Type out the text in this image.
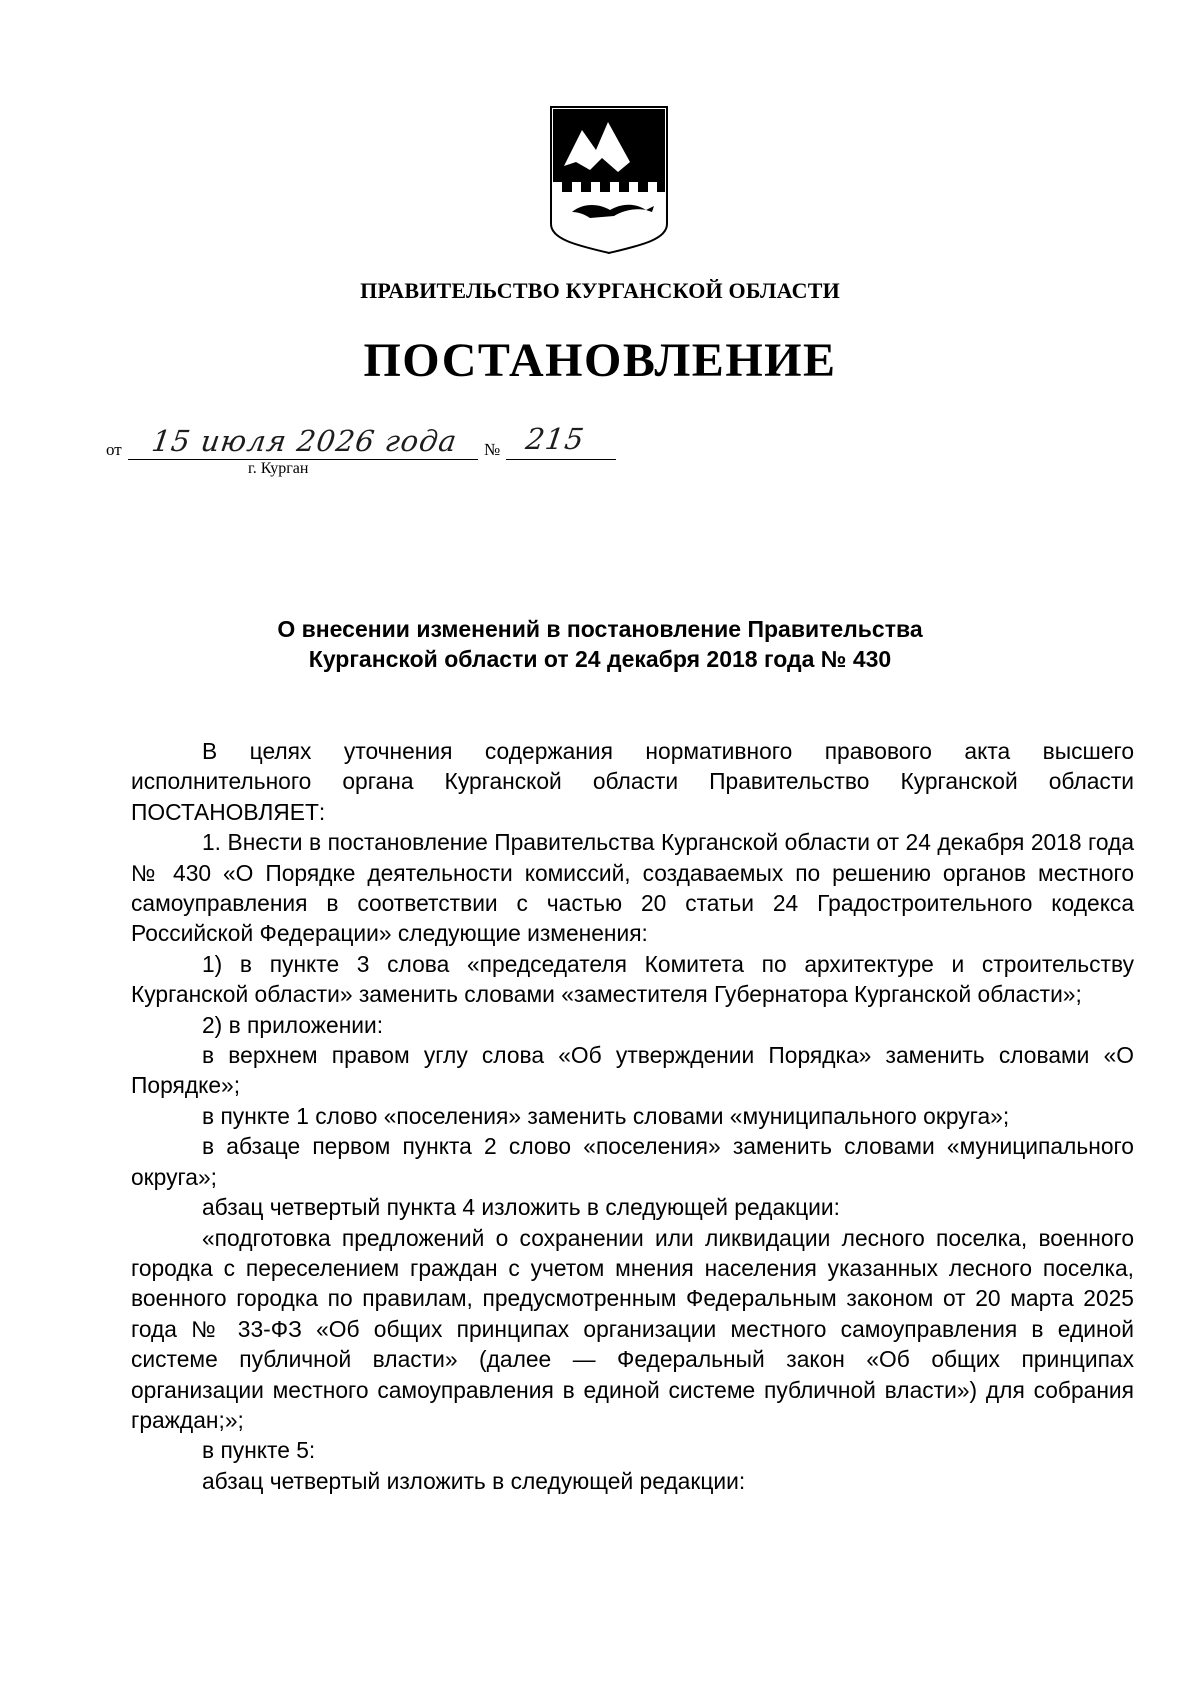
ПРАВИТЕЛЬСТВО КУРГАНСКОЙ ОБЛАСТИ
ПОСТАНОВЛЕНИЕ
от 15 июля 2026 года № 215
г. Курган
О внесении изменений в постановление Правительства
Курганской области от 24 декабря 2018 года № 430

В целях уточнения содержания нормативного правового акта высшего исполнительного органа Курганской области Правительство Курганской области ПОСТАНОВЛЯЕТ:

1. Внести в постановление Правительства Курганской области от 24 декабря 2018 года № 430 «О Порядке деятельности комиссий, создаваемых по решению органов местного самоуправления в соответствии с частью 20 статьи 24 Градостроительного кодекса Российской Федерации» следующие изменения:

1) в пункте 3 слова «председателя Комитета по архитектуре и строительству Курганской области» заменить словами «заместителя Губернатора Курганской области»;

2) в приложении:

в верхнем правом углу слова «Об утверждении Порядка» заменить словами «О Порядке»;

в пункте 1 слово «поселения» заменить словами «муниципального округа»;

в абзаце первом пункта 2 слово «поселения» заменить словами «муниципального округа»;

абзац четвертый пункта 4 изложить в следующей редакции:

«подготовка предложений о сохранении или ликвидации лесного поселка, военного городка с переселением граждан с учетом мнения населения указанных лесного поселка, военного городка по правилам, предусмотренным Федеральным законом от 20 марта 2025 года № 33-ФЗ «Об общих принципах организации местного самоуправления в единой системе публичной власти» (далее — Федеральный закон «Об общих принципах организации местного самоуправления в единой системе публичной власти») для собрания граждан;»;

в пункте 5:

абзац четвертый изложить в следующей редакции:
